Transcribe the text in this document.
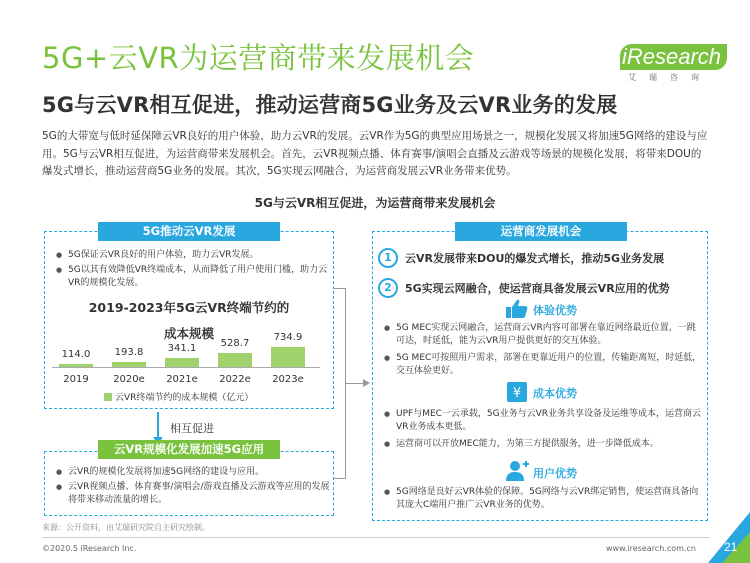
5G+云VR为运营商带来发展机会	iResearch
艾瑞咨询
5G与云VR相互促进，推动运营商5G业务及云VR业务的发展
5G的大带宽与低时延保障云VR良好的用户体验，助力云VR的发展。云VR作为5G的典型应用场景之一，规模化发展又将加速5G网络的建设与应用。5G与云VR相互促进，为运营商带来发展机会。首先，云VR视频点播、体育赛事/演唱会直播及云游戏等场景的规模化发展，将带来DOU的爆发式增长，推动运营商5G业务的发展。其次，5G实现云网融合，为运营商发展云VR业务带来优势。
5G与云VR相互促进，为运营商带来发展机会
5G推动云VR发展
● 5G保证云VR良好的用户体验，助力云VR发展。
● 5G以其有效降低VR终端成本，从而降低了用户使用门槛，助力云VR的规模化发展。
2019-2023年5G云VR终端节约的成本规模
114.0
2019
193.8
2020e
341.1
2021e
528.7
2022e
734.9
2023e
云VR终端节约的成本规模（亿元）
相互促进
云VR规模化发展加速5G应用
● 云VR的规模化发展将加速5G网络的建设与应用。
● 云VR视频点播、体育赛事/演唱会/游戏直播及云游戏等应用的发展将带来移动流量的增长。
运营商发展机会
1	云VR发展带来DOU的爆发式增长，推动5G业务发展
2	5G实现云网融合，使运营商具备发展云VR应用的优势
体验优势
● 5G MEC实现云网融合，运营商云VR内容可部署在靠近网络最近位置，一跳可达，时延低，能为云VR用户提供更好的交互体验。
● 5G MEC可按照用户需求，部署在更靠近用户的位置，传输距离短，时延低，交互体验更好。
¥ 成本优势
● UPF与MEC一云承载，5G业务与云VR业务共享设备及运维等成本，运营商云VR业务成本更低。
● 运营商可以开放MEC能力，为第三方提供服务，进一步降低成本。
用户优势
● 5G网络是良好云VR体验的保障。5G网络与云VR绑定销售，使运营商具备向其庞大C端用户推广云VR业务的优势。
来源：公开资料，由艾瑞研究院自主研究绘制。
©2020.5 iResearch Inc.	www.iresearch.com.cn 21
